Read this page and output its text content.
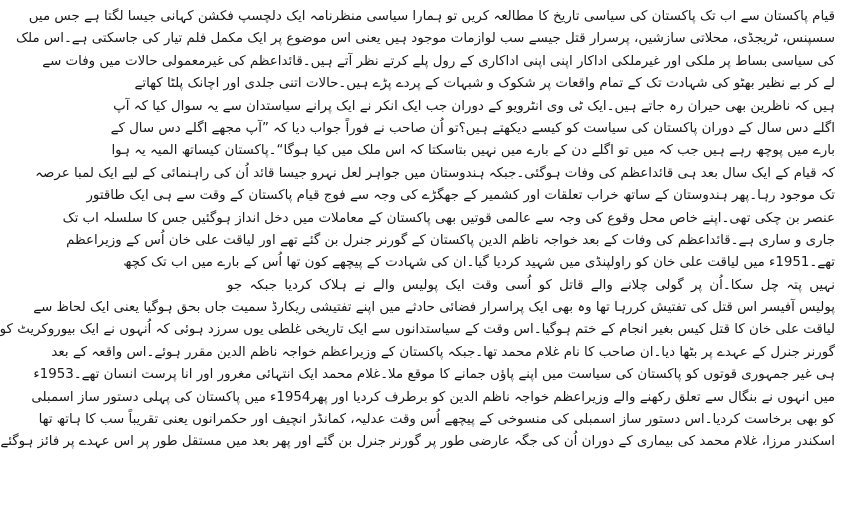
قیام پاکستان سے اب تک پاکستان کی سیاسی تاریخ کا مطالعہ کریں تو ہمارا سیاسی منظرنامہ ایک دلچسپ فکشن کہانی جیسا لگتا ہے جس میں
سسپنس، ٹریجڈی، محلاتی سازشیں، پرسرار قتل جیسے سب لوازمات موجود ہیں یعنی اس موضوع پر ایک مکمل فلم تیار کی جاسکتی ہے۔اس ملک
کی سیاسی بساط پر ملکی اور غیرملکی اداکار اپنی اپنی اداکاری کے رول پلے کرتے نظر آتے ہیں۔قائداعظم کی غیرمعمولی حالات میں وفات سے
لے کر بے نظیر بھٹو کی شہادت تک کے تمام واقعات پر شکوک و شبہات کے پردے پڑے ہیں۔حالات اتنی جلدی اور اچانک پلٹا کھاتے
ہیں کہ ناظرین بھی حیران رہ جاتے ہیں۔ایک ٹی وی انٹرویو کے دوران جب ایک انکر نے ایک پرانے سیاستدان سے یہ سوال کیا کہ آپ
اگلے دس سال کے دوران پاکستان کی سیاست کو کیسے دیکھتے ہیں؟تو اُن صاحب نے فوراً جواب دیا کہ ”آپ مجھے اگلے دس سال کے
بارے میں پوچھ رہے ہیں جب کہ میں تو اگلے دن کے بارے میں نہیں بتاسکتا کہ اس ملک میں کیا ہوگا“۔پاکستان کیساتھ المیہ یہ ہوا
کہ قیام کے ایک سال بعد ہی قائداعظم کی وفات ہوگئی۔جبکہ ہندوستان میں جواہر لعل نہرو جیسا قائد اُن کی راہنمائی کے لیے ایک لمبا عرصہ
تک موجود رہا۔پھر ہندوستان کے ساتھ خراب تعلقات اور کشمیر کے جھگڑے کی وجہ سے فوج قیام پاکستان کے وقت سے ہی ایک طاقتور
عنصر بن چکی تھی۔اپنے خاص محل وقوع کی وجہ سے عالمی قوتیں بھی پاکستان کے معاملات میں دخل انداز ہوگئیں جس کا سلسلہ اب تک
جاری و ساری ہے۔قائداعظم کی وفات کے بعد خواجہ ناظم الدین پاکستان کے گورنر جنرل بن گئے تھے اور لیاقت علی خان اُس کے وزیراعظم
تھے۔1951ء میں لیاقت علی خان کو راولپنڈی میں شہید کردیا گیا۔ان کی شہادت کے پیچھے کون تھا اُس کے بارے میں اب تک کچھ
نہیں پتہ چل سکا۔اُن پر گولی چلانے والے قاتل کو اُسی وقت ایک پولیس والے نے ہلاک کردیا جبکہ جو
پولیس آفیسر اس قتل کی تفتیش کررہا تھا وہ بھی ایک پراسرار فضائی حادثے میں اپنے تفتیشی ریکارڈ سمیت جاں بحق ہوگیا یعنی ایک لحاظ سے
لیاقت علی خان کا قتل کیس بغیر انجام کے ختم ہوگیا۔اس وقت کے سیاستدانوں سے ایک تاریخی غلطی یوں سرزد ہوئی کہ اُنہوں نے ایک بیوروکریٹ کو
گورنر جنرل کے عہدے پر بٹھا دیا۔ان صاحب کا نام غلام محمد تھا۔جبکہ پاکستان کے وزیراعظم خواجہ ناظم الدین مقرر ہوئے۔اس واقعہ کے بعد
ہی غیر جمہوری قوتوں کو پاکستان کی سیاست میں اپنے پاؤں جمانے کا موقع ملا۔غلام محمد ایک انتہائی مغرور اور انا پرست انسان تھے۔1953ء
میں انہوں نے بنگال سے تعلق رکھنے والے وزیراعظم خواجہ ناظم الدین کو برطرف کردیا اور پھر1954ء میں پاکستان کی پہلی دستور ساز اسمبلی
کو بھی برخاست کردیا۔اس دستور ساز اسمبلی کی منسوخی کے پیچھے اُس وقت عدلیہ، کمانڈر انچیف اور حکمرانوں یعنی تقریباً سب کا ہاتھ تھا
اسکندر مرزا، غلام محمد کی بیماری کے دوران اُن کی جگہ عارضی طور پر گورنر جنرل بن گئے اور پھر بعد میں مستقل طور پر اس عہدے پر فائز ہوگئے
